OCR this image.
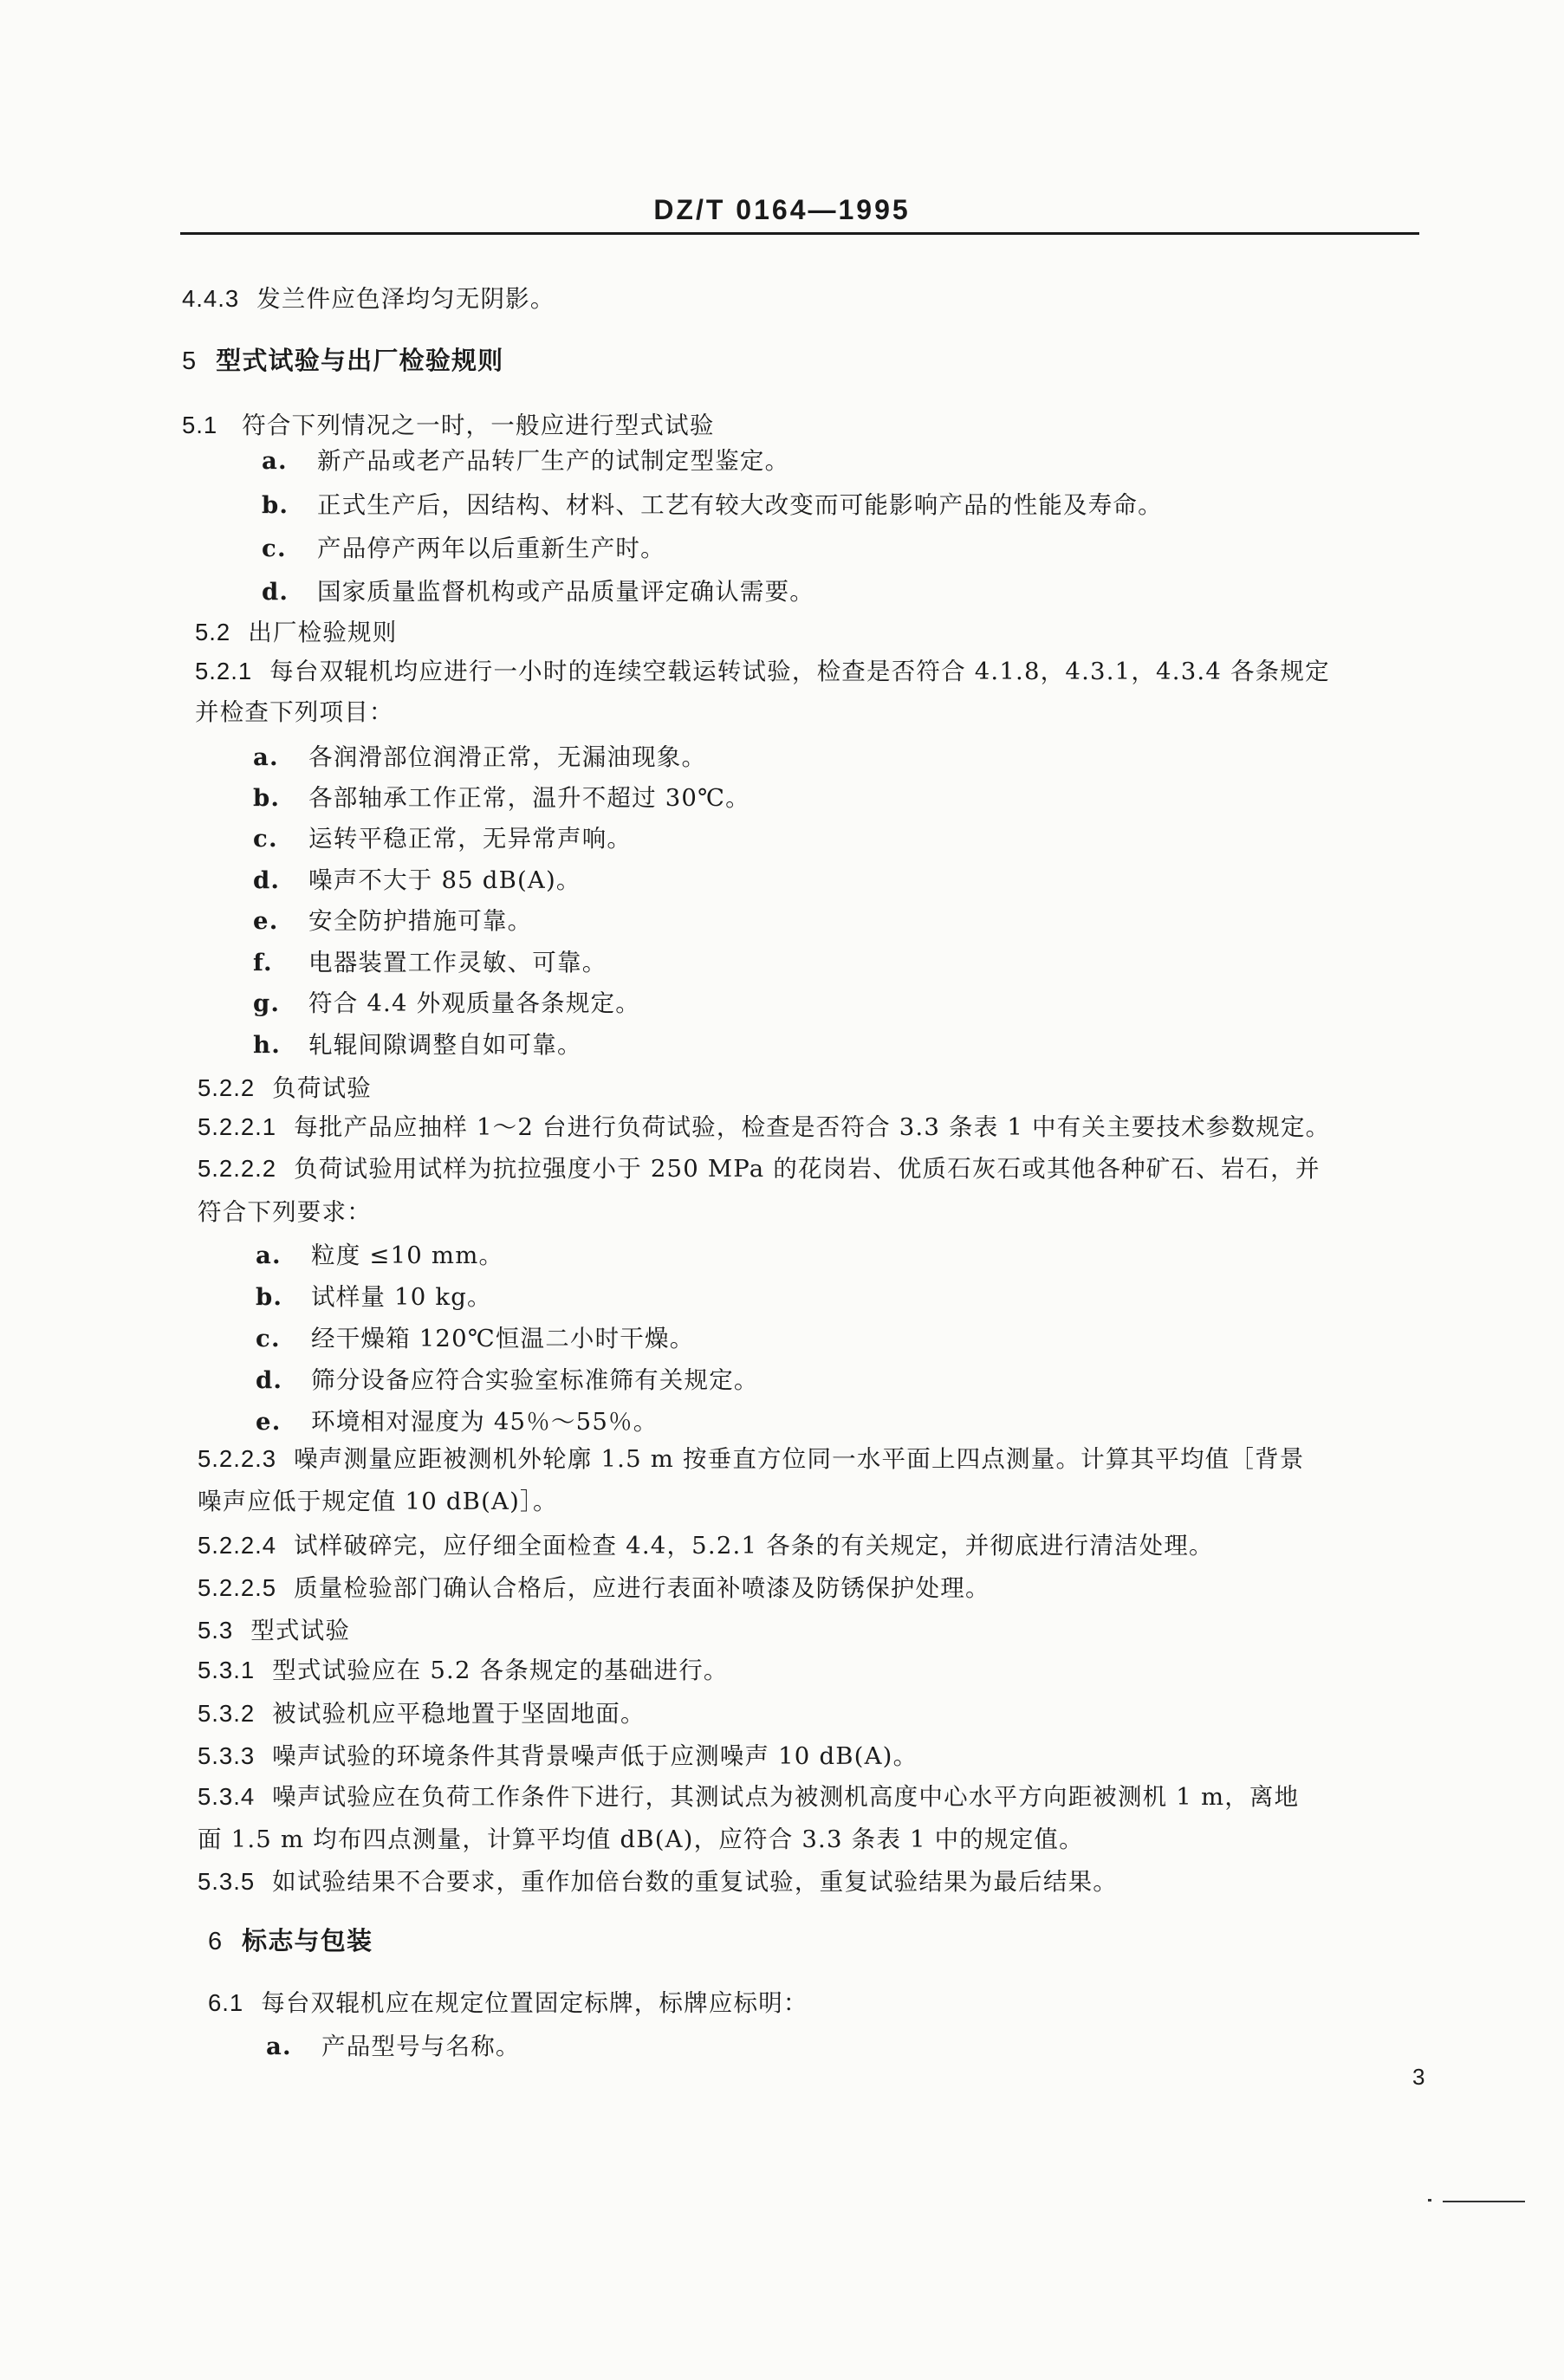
DZ/T 0164—1995
4.4.3 发兰件应色泽均匀无阴影。
5 型式试验与出厂检验规则
5.1 符合下列情况之一时，一般应进行型式试验
a. 新产品或老产品转厂生产的试制定型鉴定。
b. 正式生产后，因结构、材料、工艺有较大改变而可能影响产品的性能及寿命。
c. 产品停产两年以后重新生产时。
d. 国家质量监督机构或产品质量评定确认需要。
5.2 出厂检验规则
5.2.1 每台双辊机均应进行一小时的连续空载运转试验，检查是否符合 4.1.8，4.3.1，4.3.4 各条规定
并检查下列项目：
a. 各润滑部位润滑正常，无漏油现象。
b. 各部轴承工作正常，温升不超过 30℃。
c. 运转平稳正常，无异常声响。
d. 噪声不大于 85 dB(A)。
e. 安全防护措施可靠。
f. 电器装置工作灵敏、可靠。
g. 符合 4.4 外观质量各条规定。
h. 轧辊间隙调整自如可靠。
5.2.2 负荷试验
5.2.2.1 每批产品应抽样 1～2 台进行负荷试验，检查是否符合 3.3 条表 1 中有关主要技术参数规定。
5.2.2.2 负荷试验用试样为抗拉强度小于 250 MPa 的花岗岩、优质石灰石或其他各种矿石、岩石，并
符合下列要求：
a. 粒度 ≤10 mm。
b. 试样量 10 kg。
c. 经干燥箱 120℃恒温二小时干燥。
d. 筛分设备应符合实验室标准筛有关规定。
e. 环境相对湿度为 45％～55％。
5.2.2.3 噪声测量应距被测机外轮廓 1.5 m 按垂直方位同一水平面上四点测量。计算其平均值［背景
噪声应低于规定值 10 dB(A)］。
5.2.2.4 试样破碎完，应仔细全面检查 4.4，5.2.1 各条的有关规定，并彻底进行清洁处理。
5.2.2.5 质量检验部门确认合格后，应进行表面补喷漆及防锈保护处理。
5.3 型式试验
5.3.1 型式试验应在 5.2 各条规定的基础进行。
5.3.2 被试验机应平稳地置于坚固地面。
5.3.3 噪声试验的环境条件其背景噪声低于应测噪声 10 dB(A)。
5.3.4 噪声试验应在负荷工作条件下进行，其测试点为被测机高度中心水平方向距被测机 1 m，离地
面 1.5 m 均布四点测量，计算平均值 dB(A)，应符合 3.3 条表 1 中的规定值。
5.3.5 如试验结果不合要求，重作加倍台数的重复试验，重复试验结果为最后结果。
6 标志与包装
6.1 每台双辊机应在规定位置固定标牌，标牌应标明：
a. 产品型号与名称。
3
